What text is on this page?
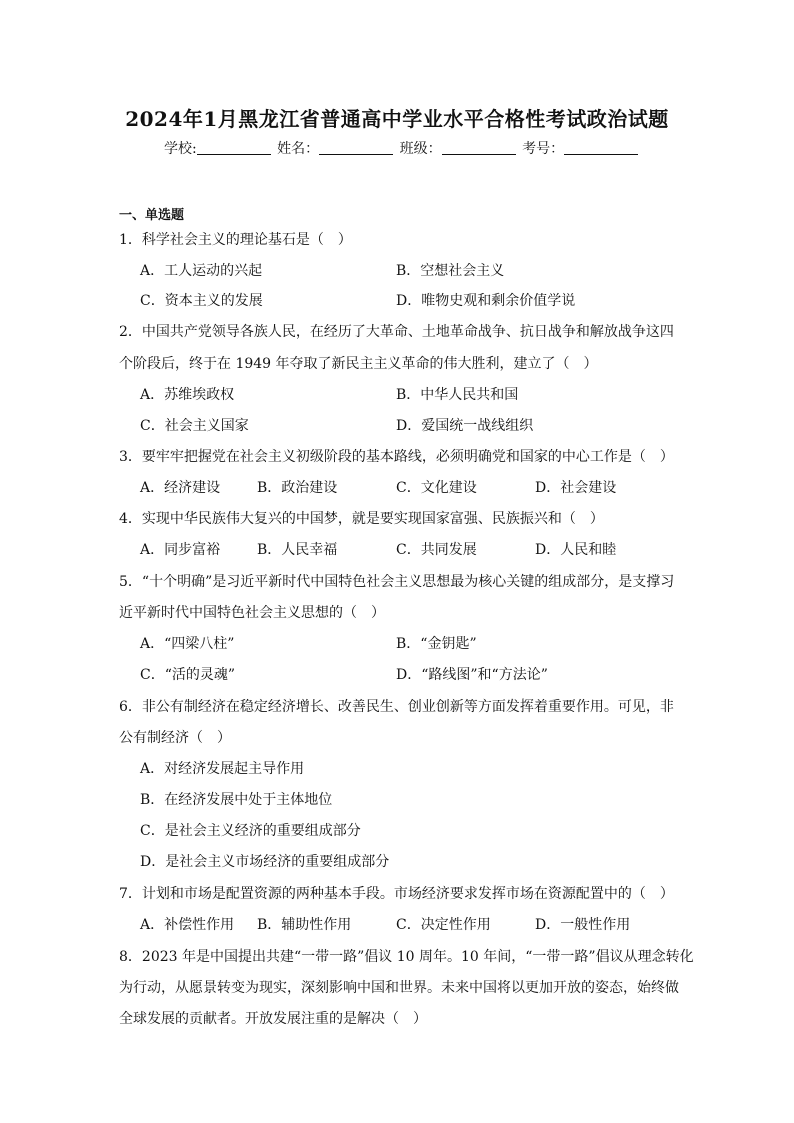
2024年1月黑龙江省普通高中学业水平合格性考试政治试题
学校:	姓名：	班级：	考号：
一、单选题
1．科学社会主义的理论基石是（　）
A．工人运动的兴起	B．空想社会主义
C．资本主义的发展	D．唯物史观和剩余价值学说
2．中国共产党领导各族人民，在经历了大革命、土地革命战争、抗日战争和解放战争这四
个阶段后，终于在 1949 年夺取了新民主主义革命的伟大胜利，建立了（　）
A．苏维埃政权	B．中华人民共和国
C．社会主义国家	D．爱国统一战线组织
3．要牢牢把握党在社会主义初级阶段的基本路线，必须明确党和国家的中心工作是（　）
A．经济建设	B．政治建设	C．文化建设	D．社会建设
4．实现中华民族伟大复兴的中国梦，就是要实现国家富强、民族振兴和（　）
A．同步富裕	B．人民幸福	C．共同发展	D．人民和睦
5．“十个明确”是习近平新时代中国特色社会主义思想最为核心关键的组成部分，是支撑习
近平新时代中国特色社会主义思想的（　）
A．“四梁八柱”	B．“金钥匙”
C．“活的灵魂”	D．“路线图”和“方法论”
6．非公有制经济在稳定经济增长、改善民生、创业创新等方面发挥着重要作用。可见，非
公有制经济（　）
A．对经济发展起主导作用
B．在经济发展中处于主体地位
C．是社会主义经济的重要组成部分
D．是社会主义市场经济的重要组成部分
7．计划和市场是配置资源的两种基本手段。市场经济要求发挥市场在资源配置中的（　）
A．补偿性作用 B．辅助性作用	C．决定性作用	D．一般性作用
8．2023 年是中国提出共建“一带一路”倡议 10 周年。10 年间，“一带一路”倡议从理念转化
为行动，从愿景转变为现实，深刻影响中国和世界。未来中国将以更加开放的姿态，始终做
全球发展的贡献者。开放发展注重的是解决（　）
